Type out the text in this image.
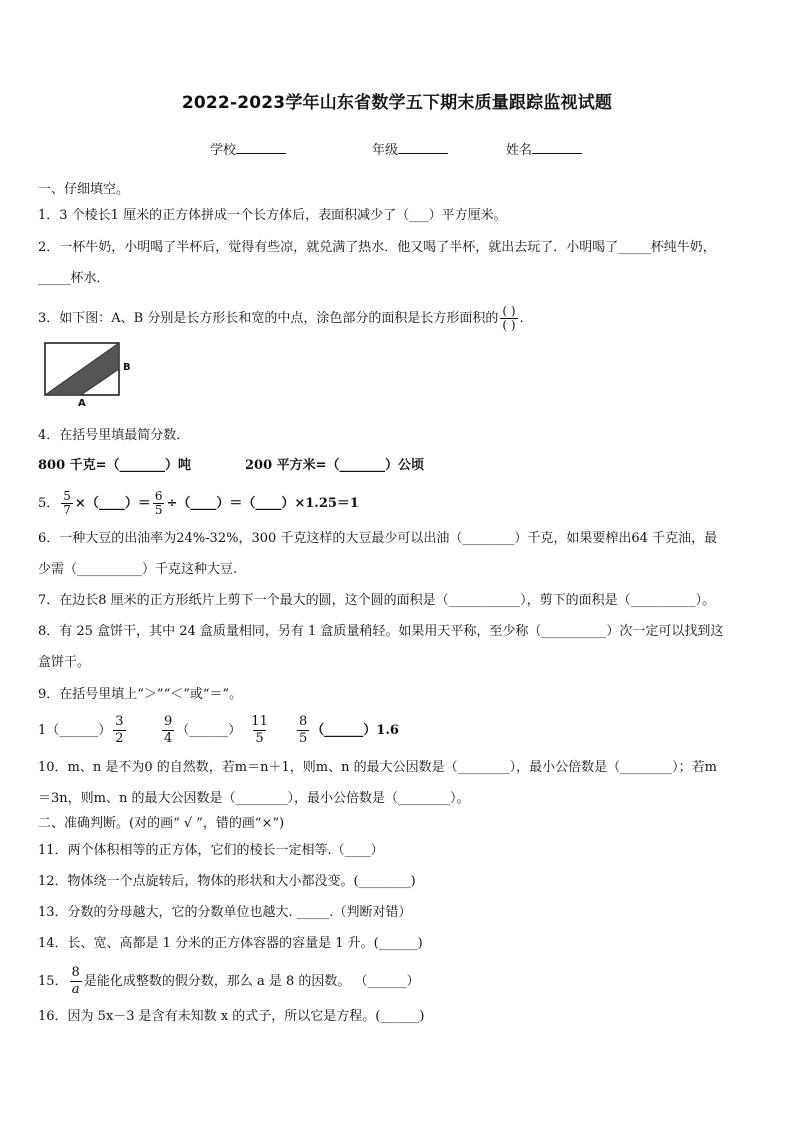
2022-2023学年山东省数学五下期末质量跟踪监视试题
学校	年级	姓名
一、仔细填空。
1．3 个棱长1 厘米的正方体拼成一个长方体后，表面积减少了（___）平方厘米。
2．一杯牛奶，小明喝了半杯后，觉得有些凉，就兑满了热水．他又喝了半杯，就出去玩了．小明喝了_____杯纯牛奶，
_____杯水．
3．如下图：A、B 分别是长方形长和宽的中点，涂色部分的面积是长方形面积的 $\frac{( )}{( )}$ .
B
A
4．在括号里填最简分数．
800 千克=（_______）吨	200 平方米=（_______）公顷
5． $\frac{5}{7}$ ×（____）＝ $\frac{6}{5}$ ÷（____）＝（____）×1.25＝1
6．一种大豆的出油率为24%-32%，300 千克这样的大豆最少可以出油（________）千克，如果要榨出64 千克油，最
少需（__________）千克这种大豆.
7．在边长8 厘米的正方形纸片上剪下一个最大的圆，这个圆的面积是（___________），剪下的面积是（__________）。
8．有 25 盒饼干，其中 24 盒质量相同，另有 1 盒质量稍轻。如果用天平称，至少称（__________）次一定可以找到这
盒饼干。
9．在括号里填上“＞”“＜”或“＝”。
1（______） $\frac{3}{2}$	$\frac{9}{4}$ （______） $\frac{11}{5} \frac{8}{5}$ （______）1.6
10．m、n 是不为0 的自然数，若m＝n＋1，则m、n 的最大公因数是（________），最小公倍数是（________）；若m
＝3n，则m、n 的最大公因数是（________），最小公倍数是（________）。
二、准确判断。(对的画“ √ ”，错的画“×”)
11．两个体积相等的正方体，它们的棱长一定相等.（____）
12．物体绕一个点旋转后，物体的形状和大小都没变。(________)
13．分数的分母越大，它的分数单位也越大. _____.（判断对错）
14．长、宽、高都是 1 分米的正方体容器的容量是 1 升。(______)
15． $\frac{8}{a}$ 是能化成整数的假分数，那么 a 是 8 的因数。 （______）
16．因为 5x－3 是含有未知数 x 的式子，所以它是方程。(______)
